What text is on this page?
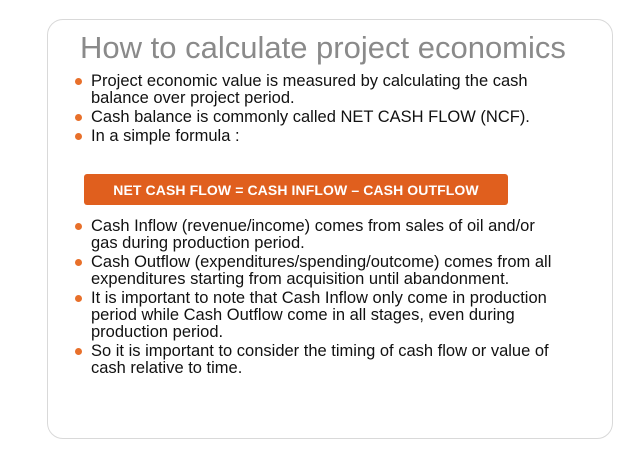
How to calculate project economics
Project economic value is measured by calculating the cash balance over project period.
Cash balance is commonly called NET CASH FLOW (NCF).
In a simple formula :
NET CASH FLOW = CASH INFLOW – CASH OUTFLOW
Cash Inflow (revenue/income) comes from sales of oil and/or gas during production period.
Cash Outflow (expenditures/spending/outcome) comes from all expenditures starting from acquisition until abandonment.
It is important to note that Cash Inflow only come in production period while Cash Outflow come in all stages, even during production period.
So it is important to consider the timing of cash flow or value of cash relative to time.
